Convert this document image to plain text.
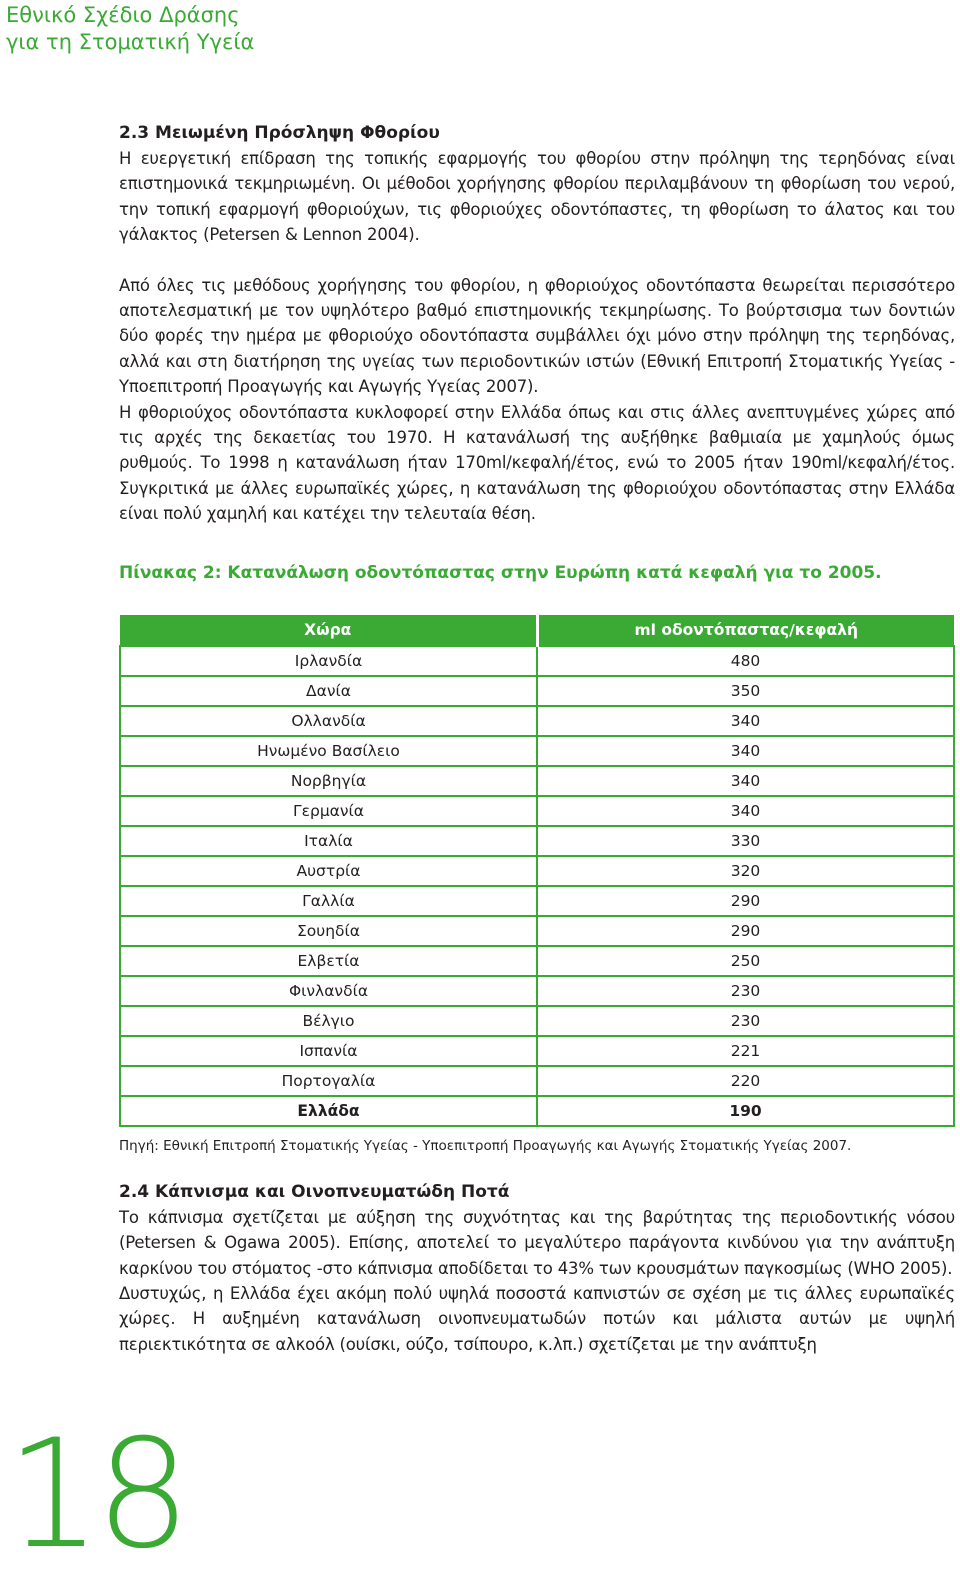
Εθνικό Σχέδιο Δράσης
για τη Στοματική Υγεία
2.3 Μειωμένη Πρόσληψη Φθορίου

Η ευεργετική επίδραση της τοπικής εφαρμογής του φθορίου στην πρόληψη της τερηδόνας είναι επιστημονικά τεκμηριωμένη. Οι μέθοδοι χορήγησης φθορίου περιλαμβάνουν τη φθορίωση του νερού, την τοπική εφαρμογή φθοριούχων, τις φθοριούχες οδοντόπαστες, τη φθορίωση το άλατος και του γάλακτος (Petersen & Lennon 2004).

Από όλες τις μεθόδους χορήγησης του φθορίου, η φθοριούχος οδοντόπαστα θεωρείται περισσότερο αποτελεσματική με τον υψηλότερο βαθμό επιστημονικής τεκμηρίωσης. Το βούρτσισμα των δοντιών δύο φορές την ημέρα με φθοριούχο οδοντόπαστα συμβάλλει όχι μόνο στην πρόληψη της τερηδόνας, αλλά και στη διατήρηση της υγείας των περιοδοντικών ιστών (Εθνική Επιτροπή Στοματικής Υγείας - Υποεπιτροπή Προαγωγής και Αγωγής Υγείας 2007).

Η φθοριούχος οδοντόπαστα κυκλοφορεί στην Ελλάδα όπως και στις άλλες ανεπτυγμένες χώρες από τις αρχές της δεκαετίας του 1970. Η κατανάλωσή της αυξήθηκε βαθμιαία με χαμηλούς όμως ρυθμούς. Το 1998 η κατανάλωση ήταν 170ml/κεφαλή/έτος, ενώ το 2005 ήταν 190ml/κεφαλή/έτος. Συγκριτικά με άλλες ευρωπαϊκές χώρες, η κατανάλωση της φθοριούχου οδοντόπαστας στην Ελλάδα είναι πολύ χαμηλή και κατέχει την τελευταία θέση.

Πίνακας 2: Κατανάλωση οδοντόπαστας στην Ευρώπη κατά κεφαλή για το 2005.
Χώρα	ml οδοντόπαστας/κεφαλή
Ιρλανδία	480
Δανία	350
Ολλανδία	340
Ηνωμένο Βασίλειο	340
Νορβηγία	340
Γερμανία	340
Ιταλία	330
Αυστρία	320
Γαλλία	290
Σουηδία	290
Ελβετία	250
Φινλανδία	230
Βέλγιο	230
Ισπανία	221
Πορτογαλία	220
Ελλάδα	190
Πηγή: Εθνική Επιτροπή Στοματικής Υγείας - Υποεπιτροπή Προαγωγής και Αγωγής Στοματικής Υγείας 2007.
2.4 Κάπνισμα και Οινοπνευματώδη Ποτά

Το κάπνισμα σχετίζεται με αύξηση της συχνότητας και της βαρύτητας της περιοδοντικής νόσου (Petersen & Ogawa 2005). Επίσης, αποτελεί το μεγαλύτερο παράγοντα κινδύνου για την ανάπτυξη καρκίνου του στόματος -στο κάπνισμα αποδίδεται το 43% των κρουσμάτων παγκοσμίως (WHO 2005).

Δυστυχώς, η Ελλάδα έχει ακόμη πολύ υψηλά ποσοστά καπνιστών σε σχέση με τις άλλες ευρωπαϊκές χώρες. Η αυξημένη κατανάλωση οινοπνευματωδών ποτών και μάλιστα αυτών με υψηλή περιεκτικότητα σε αλκοόλ (ουίσκι, ούζο, τσίπουρο, κ.λπ.) σχετίζεται με την ανάπτυξη

18
